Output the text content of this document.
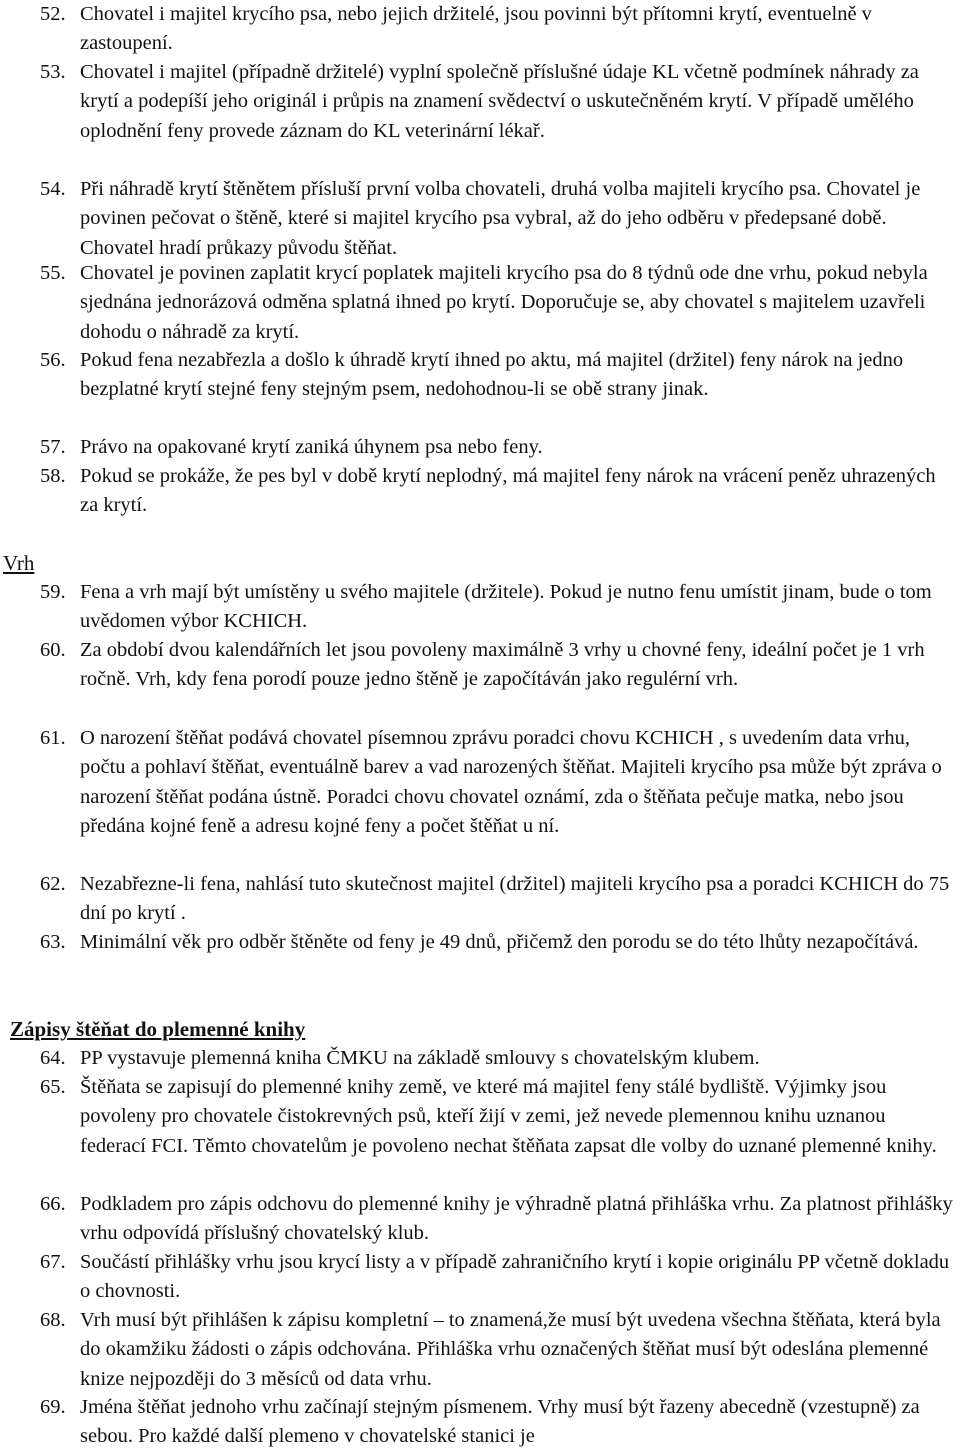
52. Chovatel i majitel krycího psa, nebo jejich držitelé, jsou povinni být přítomni krytí, eventuelně v zastoupení.
53. Chovatel i majitel (případně držitelé) vyplní společně příslušné údaje KL včetně podmínek náhrady za krytí a podepíší jeho originál i průpis na znamení svědectví o uskutečněném krytí. V případě umělého oplodnění feny provede záznam do KL veterinární lékař.
54. Při náhradě krytí štěnětem přísluší první volba chovateli, druhá volba majiteli krycího psa. Chovatel je povinen pečovat o štěně, které si majitel krycího psa vybral, až do jeho odběru v předepsané době. Chovatel hradí průkazy původu štěňat.
55. Chovatel je povinen zaplatit krycí poplatek majiteli krycího psa do 8 týdnů ode dne vrhu, pokud nebyla sjednána jednorázová odměna splatná ihned po krytí. Doporučuje se, aby chovatel s majitelem uzavřeli dohodu o náhradě za krytí.
56. Pokud fena nezabřezla a došlo k úhradě krytí ihned po aktu, má majitel (držitel) feny nárok na jedno bezplatné krytí stejné feny stejným psem, nedohodnou-li se obě strany jinak.
57. Právo na opakované krytí zaniká úhynem psa nebo feny.
58. Pokud se prokáže, že pes byl v době krytí neplodný, má majitel feny nárok na vrácení peněz uhrazených za krytí.
Vrh
59. Fena a vrh mají být umístěny u svého majitele (držitele). Pokud je nutno fenu umístit jinam, bude o tom uvědomen výbor KCHICH.
60. Za období dvou kalendářních let jsou povoleny maximálně 3 vrhy u chovné feny, ideální počet je 1 vrh ročně. Vrh, kdy fena porodí pouze jedno štěně je započítáván jako regulérní vrh.
61. O narození štěňat podává chovatel písemnou zprávu poradci chovu KCHICH , s uvedením data vrhu, počtu a pohlaví štěňat, eventuálně barev a vad narozených štěňat. Majiteli krycího psa může být zpráva o narození štěňat podána ústně. Poradci chovu chovatel oznámí, zda o štěňata pečuje matka, nebo jsou předána kojné feně a adresu kojné feny a počet štěňat u ní.
62. Nezabřezne-li fena, nahlásí tuto skutečnost majitel (držitel) majiteli krycího psa a poradci KCHICH do 75 dní po krytí .
63. Minimální věk pro odběr štěněte od feny je 49 dnů, přičemž den porodu se do této lhůty nezapočítává.
Zápisy štěňat do plemenné knihy
64. PP vystavuje plemenná kniha ČMKU na základě smlouvy s chovatelským klubem.
65. Štěňata se zapisují do plemenné knihy země, ve které má majitel feny stálé bydliště. Výjimky jsou povoleny pro chovatele čistokrevných psů, kteří žijí v zemi, jež nevede plemennou knihu uznanou federací FCI. Těmto chovatelům je povoleno nechat štěňata zapsat dle volby do uznané plemenné knihy.
66. Podkladem pro zápis odchovu do plemenné knihy je výhradně platná přihláška vrhu. Za platnost přihlášky vrhu odpovídá příslušný chovatelský klub.
67. Součástí přihlášky vrhu jsou krycí listy a v případě zahraničního krytí i kopie originálu PP včetně dokladu o chovnosti.
68. Vrh musí být přihlášen k zápisu kompletní – to znamená,že musí být uvedena všechna štěňata, která byla do okamžiku žádosti o zápis odchována. Přihláška vrhu označených štěňat musí být odeslána plemenné knize nejpozději do 3 měsíců od data vrhu.
69. Jména štěňat jednoho vrhu začínají stejným písmenem. Vrhy musí být řazeny abecedně (vzestupně) za sebou. Pro každé další plemeno v chovatelské stanici je
